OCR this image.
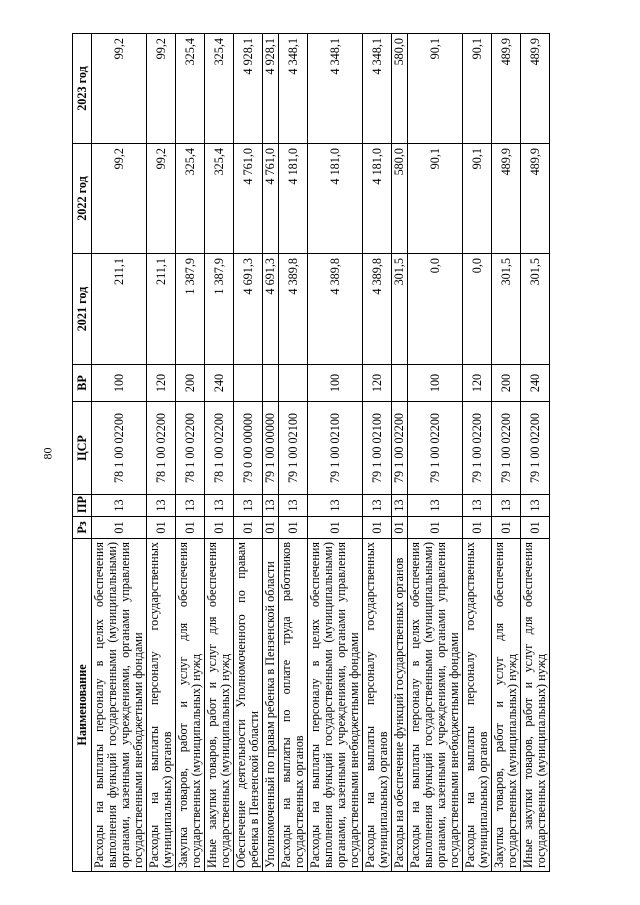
80
Наименование	Рз	ПР	ЦСР	ВР	2021 год	2022 год	2023 год
Расходы на выплаты персоналу в целях обеспечения выполнения функций государственными (муниципальными) органами, казенными учреждениями, органами управления государственными внебюджетными фондами	01	13	78 1 00 02200	100	211,1	99,2	99,2
Расходы на выплаты персоналу государственных (муниципальных) органов	01	13	78 1 00 02200	120	211,1	99,2	99,2
Закупка товаров, работ и услуг для обеспечения государственных (муниципальных) нужд	01	13	78 1 00 02200	200	1 387,9	325,4	325,4
Иные закупки товаров, работ и услуг для обеспечения государственных (муниципальных) нужд	01	13	78 1 00 02200	240	1 387,9	325,4	325,4
Обеспечение деятельности Уполномоченного по правам ребенка в Пензенской области	01	13	79 0 00 00000		4 691,3	4 761,0	4 928,1
Уполномоченный по правам ребенка в Пензенской области	01	13	79 1 00 00000		4 691,3	4 761,0	4 928,1
Расходы на выплаты по оплате труда работников государственных органов	01	13	79 1 00 02100		4 389,8	4 181,0	4 348,1
Расходы на выплаты персоналу в целях обеспечения выполнения функций государственными (муниципальными) органами, казенными учреждениями, органами управления государственными внебюджетными фондами	01	13	79 1 00 02100	100	4 389,8	4 181,0	4 348,1
Расходы на выплаты персоналу государственных (муниципальных) органов	01	13	79 1 00 02100	120	4 389,8	4 181,0	4 348,1
Расходы на обеспечение функций государственных органов	01	13	79 1 00 02200		301,5	580,0	580,0
Расходы на выплаты персоналу в целях обеспечения выполнения функций государственными (муниципальными) органами, казенными учреждениями, органами управления государственными внебюджетными фондами	01	13	79 1 00 02200	100	0,0	90,1	90,1
Расходы на выплаты персоналу государственных (муниципальных) органов	01	13	79 1 00 02200	120	0,0	90,1	90,1
Закупка товаров, работ и услуг для обеспечения государственных (муниципальных) нужд	01	13	79 1 00 02200	200	301,5	489,9	489,9
Иные закупки товаров, работ и услуг для обеспечения государственных (муниципальных) нужд	01	13	79 1 00 02200	240	301,5	489,9	489,9
